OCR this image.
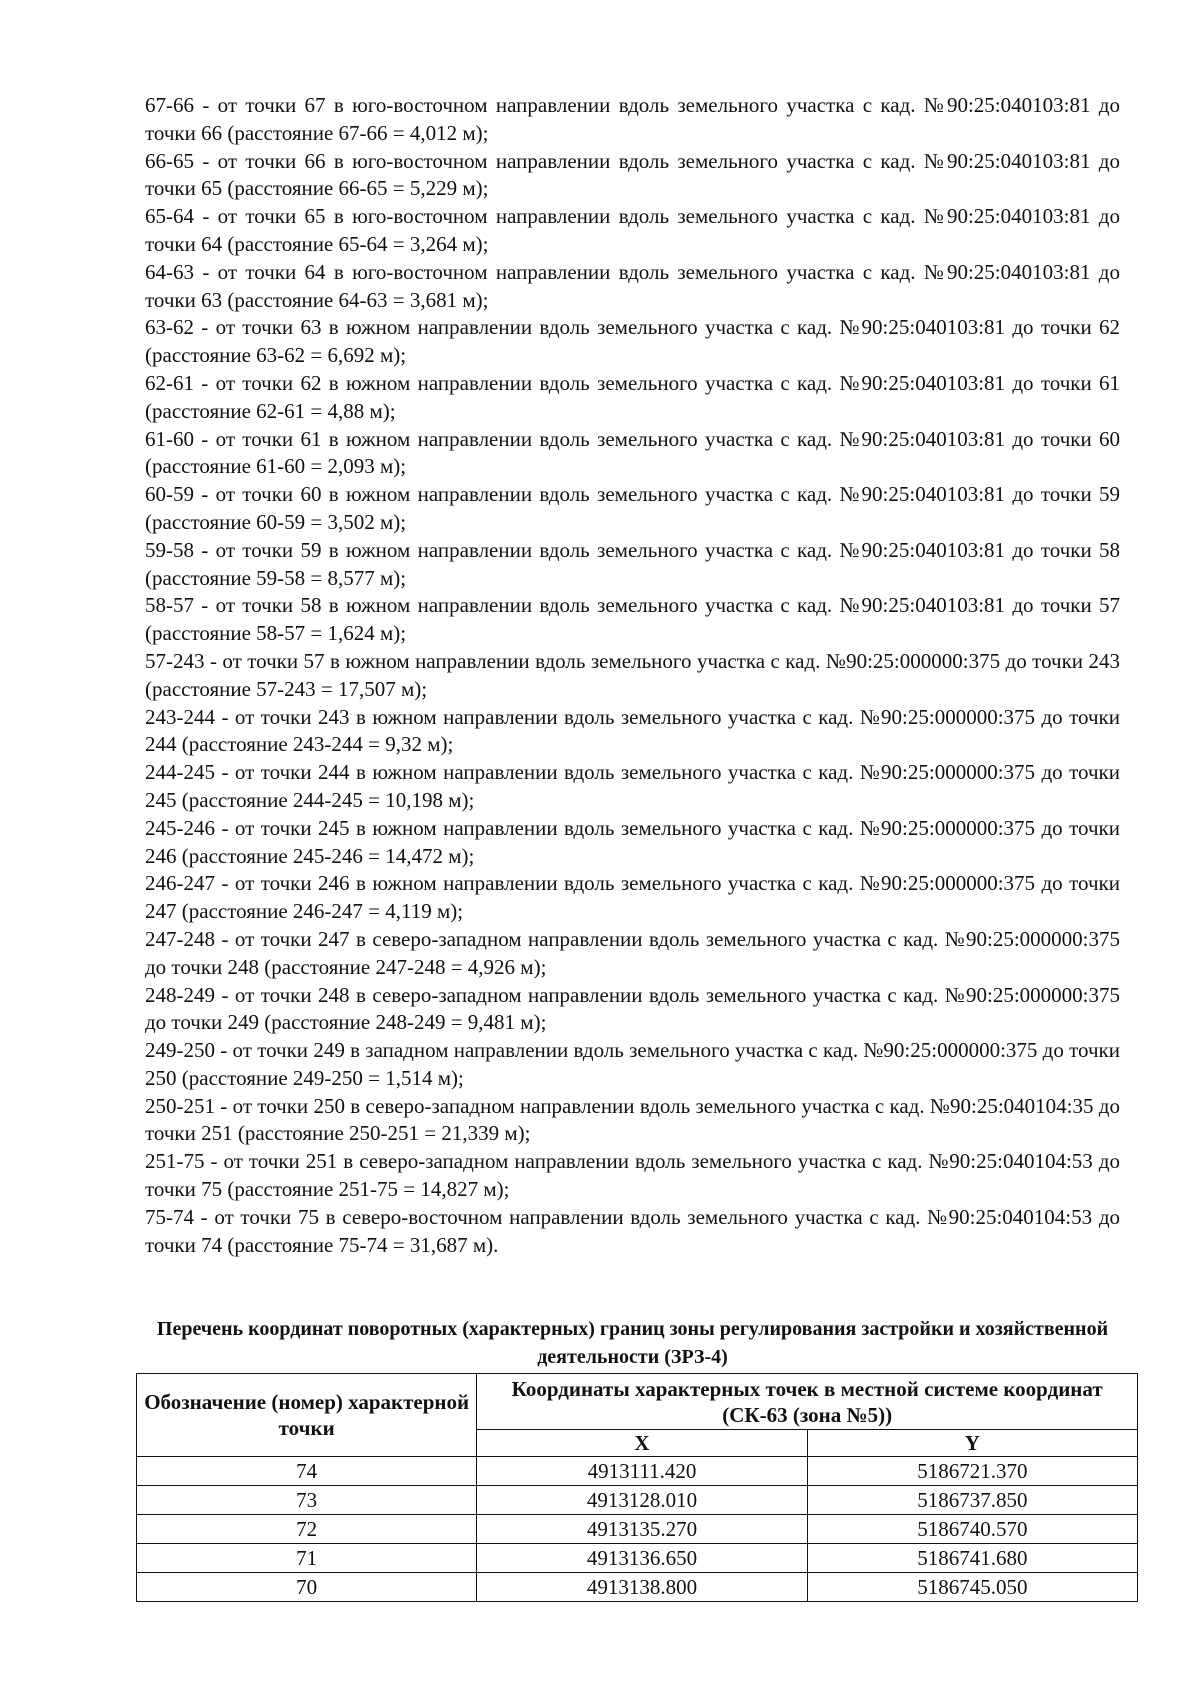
67-66 - от точки 67 в юго-восточном направлении вдоль земельного участка с кад. №90:25:040103:81 до точки 66 (расстояние 67-66 = 4,012 м);

66-65 - от точки 66 в юго-восточном направлении вдоль земельного участка с кад. №90:25:040103:81 до точки 65 (расстояние 66-65 = 5,229 м);

65-64 - от точки 65 в юго-восточном направлении вдоль земельного участка с кад. №90:25:040103:81 до точки 64 (расстояние 65-64 = 3,264 м);

64-63 - от точки 64 в юго-восточном направлении вдоль земельного участка с кад. №90:25:040103:81 до точки 63 (расстояние 64-63 = 3,681 м);

63-62 - от точки 63 в южном направлении вдоль земельного участка с кад. №90:25:040103:81 до точки 62 (расстояние 63-62 = 6,692 м);

62-61 - от точки 62 в южном направлении вдоль земельного участка с кад. №90:25:040103:81 до точки 61 (расстояние 62-61 = 4,88 м);

61-60 - от точки 61 в южном направлении вдоль земельного участка с кад. №90:25:040103:81 до точки 60 (расстояние 61-60 = 2,093 м);

60-59 - от точки 60 в южном направлении вдоль земельного участка с кад. №90:25:040103:81 до точки 59 (расстояние 60-59 = 3,502 м);

59-58 - от точки 59 в южном направлении вдоль земельного участка с кад. №90:25:040103:81 до точки 58 (расстояние 59-58 = 8,577 м);

58-57 - от точки 58 в южном направлении вдоль земельного участка с кад. №90:25:040103:81 до точки 57 (расстояние 58-57 = 1,624 м);

57-243 - от точки 57 в южном направлении вдоль земельного участка с кад. №90:25:000000:375 до точки 243 (расстояние 57-243 = 17,507 м);

243-244 - от точки 243 в южном направлении вдоль земельного участка с кад. №90:25:000000:375 до точки 244 (расстояние 243-244 = 9,32 м);

244-245 - от точки 244 в южном направлении вдоль земельного участка с кад. №90:25:000000:375 до точки 245 (расстояние 244-245 = 10,198 м);

245-246 - от точки 245 в южном направлении вдоль земельного участка с кад. №90:25:000000:375 до точки 246 (расстояние 245-246 = 14,472 м);

246-247 - от точки 246 в южном направлении вдоль земельного участка с кад. №90:25:000000:375 до точки 247 (расстояние 246-247 = 4,119 м);

247-248 - от точки 247 в северо-западном направлении вдоль земельного участка с кад. №90:25:000000:375 до точки 248 (расстояние 247-248 = 4,926 м);

248-249 - от точки 248 в северо-западном направлении вдоль земельного участка с кад. №90:25:000000:375 до точки 249 (расстояние 248-249 = 9,481 м);

249-250 - от точки 249 в западном направлении вдоль земельного участка с кад. №90:25:000000:375 до точки 250 (расстояние 249-250 = 1,514 м);

250-251 - от точки 250 в северо-западном направлении вдоль земельного участка с кад. №90:25:040104:35 до точки 251 (расстояние 250-251 = 21,339 м);

251-75 - от точки 251 в северо-западном направлении вдоль земельного участка с кад. №90:25:040104:53 до точки 75 (расстояние 251-75 = 14,827 м);

75-74 - от точки 75 в северо-восточном направлении вдоль земельного участка с кад. №90:25:040104:53 до точки 74 (расстояние 75-74 = 31,687 м).

Перечень координат поворотных (характерных) границ зоны регулирования застройки и хозяйственной деятельности (ЗРЗ-4)

Обозначение (номер) характерной точки	Координаты характерных точек в местной системе координат (СК-63 (зона №5))	
	X	Y
74	4913111.420	5186721.370
73	4913128.010	5186737.850
72	4913135.270	5186740.570
71	4913136.650	5186741.680
70	4913138.800	5186745.050
